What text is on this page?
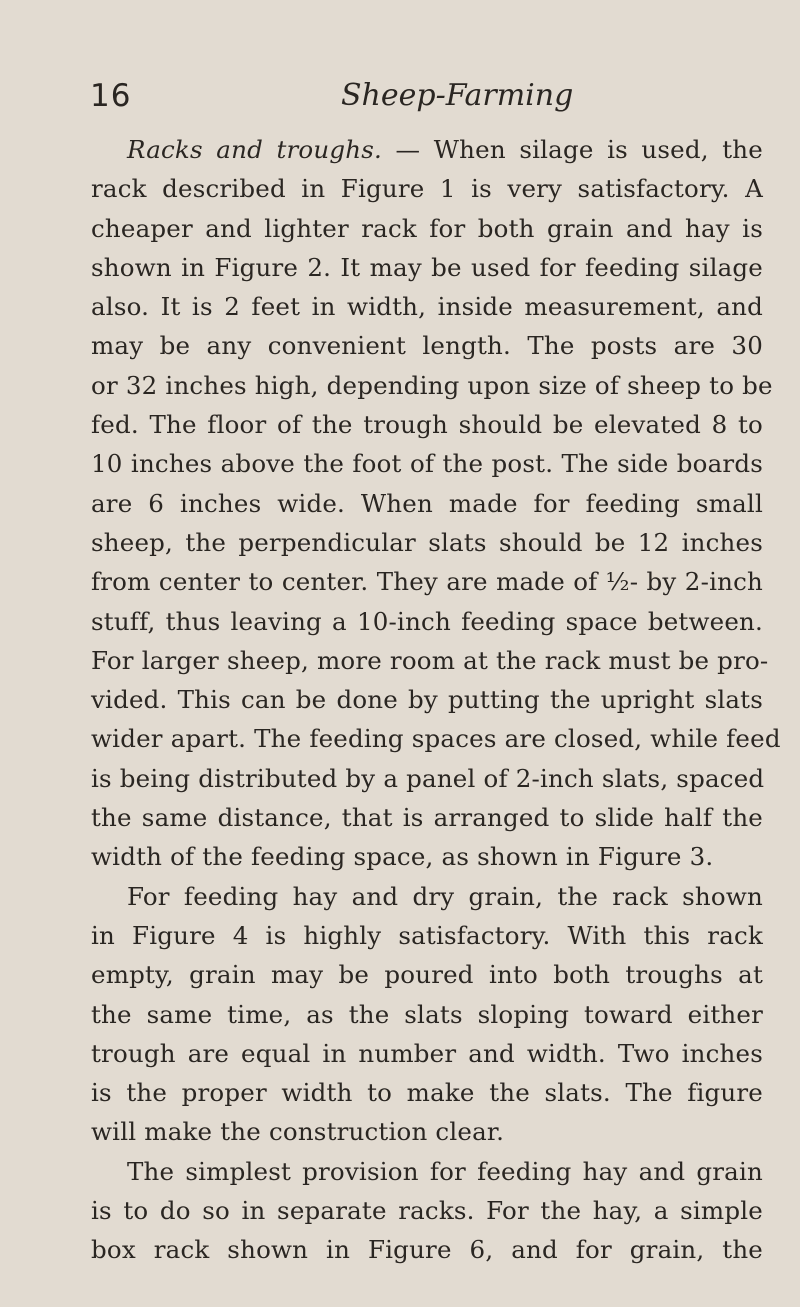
16	Sheep-Farming
Racks and troughs. — When silage is used, the
rack described in Figure 1 is very satisfactory. A
cheaper and lighter rack for both grain and hay is
shown in Figure 2. It may be used for feeding silage
also. It is 2 feet in width, inside measurement, and
may be any convenient length. The posts are 30
or 32 inches high, depending upon size of sheep to be
fed. The floor of the trough should be elevated 8 to
10 inches above the foot of the post. The side boards
are 6 inches wide. When made for feeding small
sheep, the perpendicular slats should be 12 inches
from center to center. They are made of ½- by 2-inch
stuff, thus leaving a 10-inch feeding space between.
For larger sheep, more room at the rack must be pro-
vided. This can be done by putting the upright slats
wider apart. The feeding spaces are closed, while feed
is being distributed by a panel of 2-inch slats, spaced
the same distance, that is arranged to slide half the
width of the feeding space, as shown in Figure 3.
For feeding hay and dry grain, the rack shown
in Figure 4 is highly satisfactory. With this rack
empty, grain may be poured into both troughs at
the same time, as the slats sloping toward either
trough are equal in number and width. Two inches
is the proper width to make the slats. The figure
will make the construction clear.
The simplest provision for feeding hay and grain
is to do so in separate racks. For the hay, a simple
box rack shown in Figure 6, and for grain, the
